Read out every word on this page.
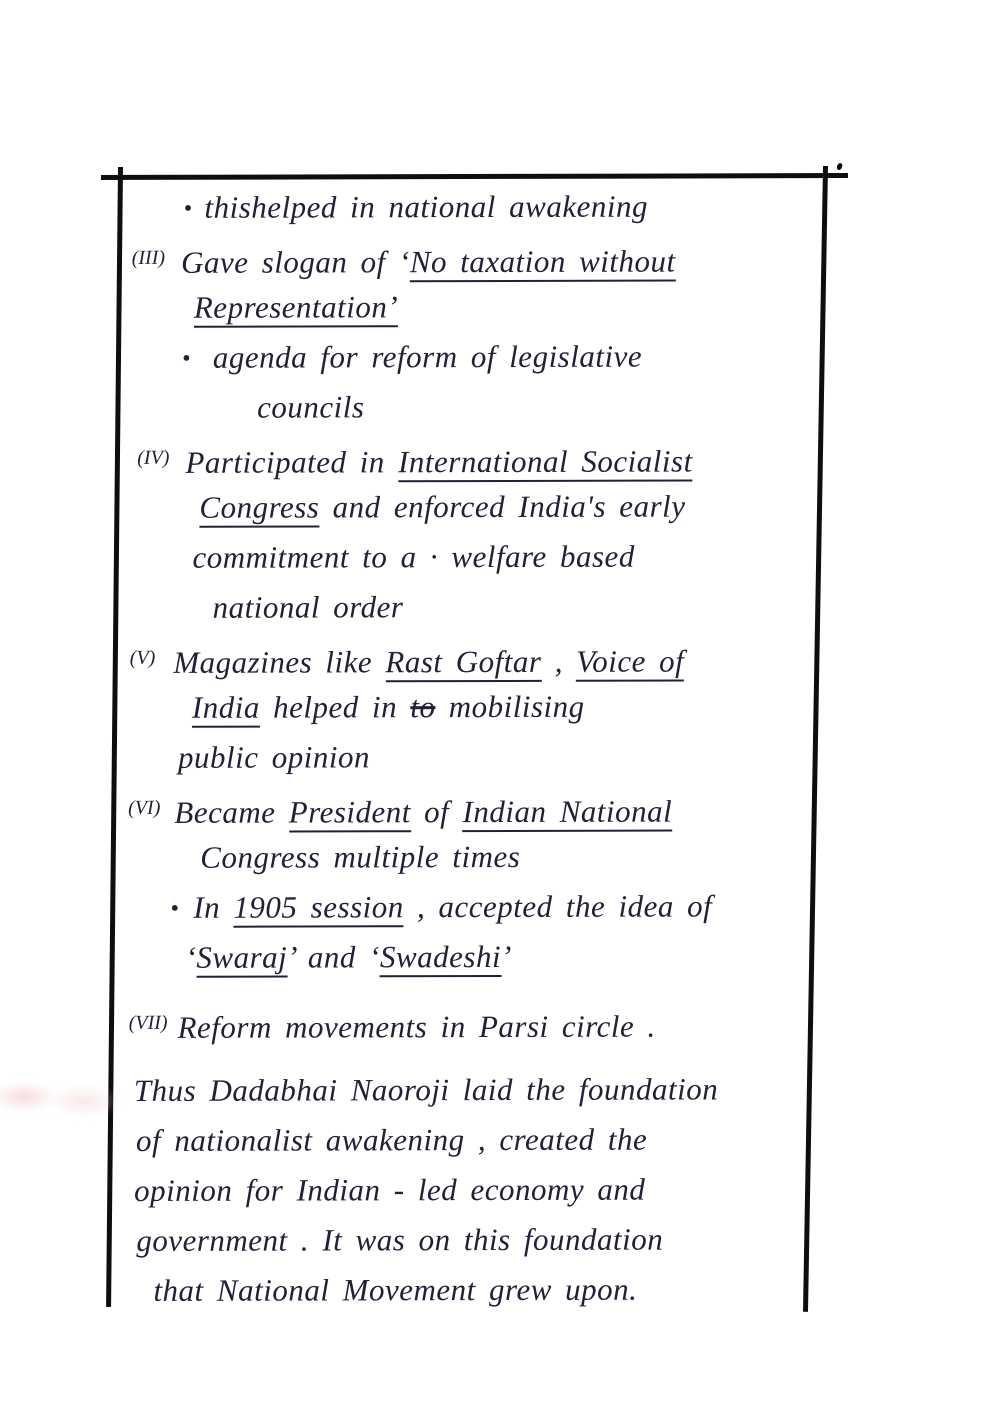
• thishelped in national awakening
(III) Gave slogan of ‘No taxation without
Representation’
• agenda for reform of legislative
councils
(IV) Participated in International Socialist
Congress and enforced India's early
commitment to a · welfare based
national order
(V) Magazines like Rast Goftar , Voice of
India helped in to mobilising
public opinion
(VI) Became President of Indian National
Congress multiple times
• In 1905 session , accepted the idea of
‘Swaraj’ and ‘Swadeshi’
(VII) Reform movements in Parsi circle .
Thus Dadabhai Naoroji laid the foundation
of nationalist awakening , created the
opinion for Indian - led economy and
government . It was on this foundation
that National Movement grew upon.
